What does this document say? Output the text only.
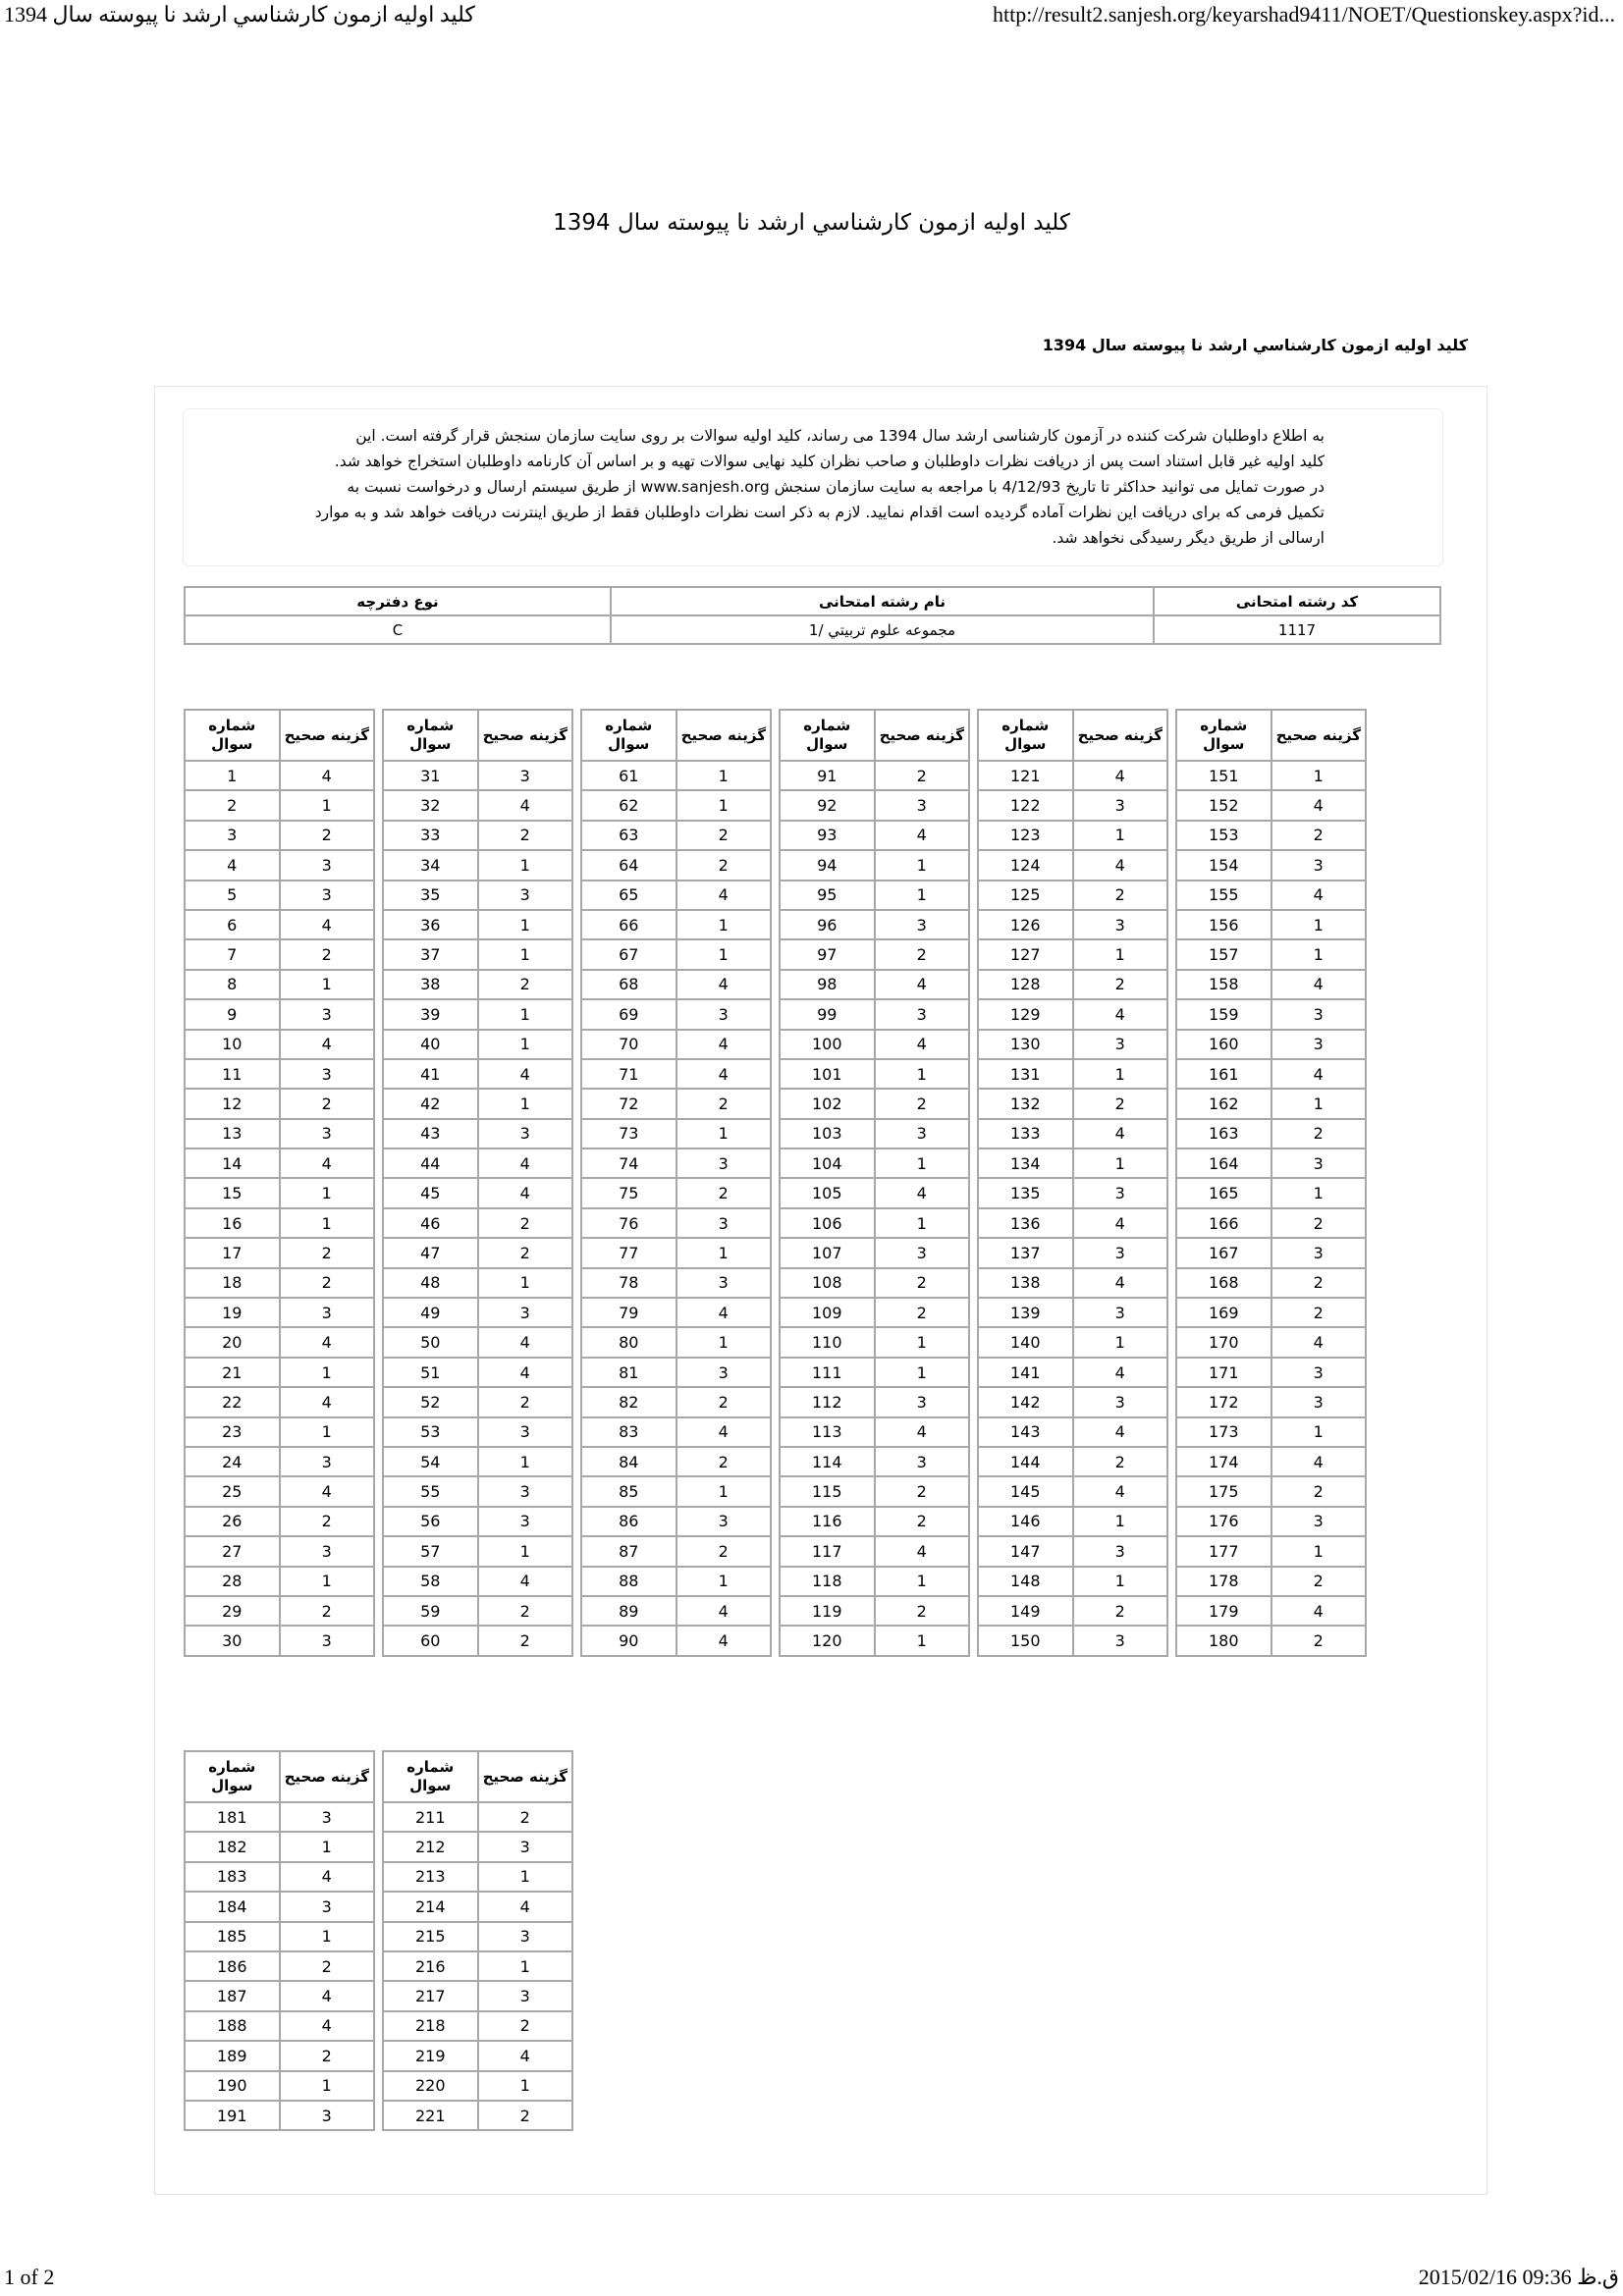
كليد اوليه ازمون كارشناسي ارشد نا پيوسته سال 1394	http://result2.sanjesh.org/keyarshad9411/NOET/Questionskey.aspx?id...
كليد اوليه ازمون كارشناسي ارشد نا پيوسته سال 1394
كليد اوليه ازمون كارشناسي ارشد نا پيوسته سال 1394

به اطلاع داوطلبان شرکت کننده در آزمون کارشناسی ارشد سال 1394 می رساند، کلید اولیه سوالات بر روی سایت سازمان سنجش قرار گرفته است. این

کلید اولیه غیر قابل استناد است پس از دریافت نظرات داوطلبان و صاحب نظران کلید نهایی سوالات تهیه و بر اساس آن کارنامه داوطلبان استخراج خواهد شد.

در صورت تمایل می توانید حداکثر تا تاریخ 4/12/93 با مراجعه به سایت سازمان سنجش www.sanjesh.org از طریق سیستم ارسال و درخواست نسبت به

تکمیل فرمی که برای دریافت این نظرات آماده گردیده است اقدام نمایید. لازم به ذکر است نظرات داوطلبان فقط از طریق اینترنت دریافت خواهد شد و به موارد

ارسالی از طریق دیگر رسیدگی نخواهد شد.

کد رشته امتحانی	نام رشته امتحانی	نوع دفترچه
1117	مجموعه علوم تربيتي /1	C
شماره سوال	گزینه صحیح
1	4
2	1
3	2
4	3
5	3
6	4
7	2
8	1
9	3
10	4
11	3
12	2
13	3
14	4
15	1
16	1
17	2
18	2
19	3
20	4
21	1
22	4
23	1
24	3
25	4
26	2
27	3
28	1
29	2
30	3
شماره سوال	گزینه صحیح
31	3
32	4
33	2
34	1
35	3
36	1
37	1
38	2
39	1
40	1
41	4
42	1
43	3
44	4
45	4
46	2
47	2
48	1
49	3
50	4
51	4
52	2
53	3
54	1
55	3
56	3
57	1
58	4
59	2
60	2
شماره سوال	گزینه صحیح
61	1
62	1
63	2
64	2
65	4
66	1
67	1
68	4
69	3
70	4
71	4
72	2
73	1
74	3
75	2
76	3
77	1
78	3
79	4
80	1
81	3
82	2
83	4
84	2
85	1
86	3
87	2
88	1
89	4
90	4
شماره سوال	گزینه صحیح
91	2
92	3
93	4
94	1
95	1
96	3
97	2
98	4
99	3
100	4
101	1
102	2
103	3
104	1
105	4
106	1
107	3
108	2
109	2
110	1
111	1
112	3
113	4
114	3
115	2
116	2
117	4
118	1
119	2
120	1
شماره سوال	گزینه صحیح
121	4
122	3
123	1
124	4
125	2
126	3
127	1
128	2
129	4
130	3
131	1
132	2
133	4
134	1
135	3
136	4
137	3
138	4
139	3
140	1
141	4
142	3
143	4
144	2
145	4
146	1
147	3
148	1
149	2
150	3
شماره سوال	گزینه صحیح
151	1
152	4
153	2
154	3
155	4
156	1
157	1
158	4
159	3
160	3
161	4
162	1
163	2
164	3
165	1
166	2
167	3
168	2
169	2
170	4
171	3
172	3
173	1
174	4
175	2
176	3
177	1
178	2
179	4
180	2
شماره سوال	گزینه صحیح
181	3
182	1
183	4
184	3
185	1
186	2
187	4
188	4
189	2
190	1
191	3
شماره سوال	گزینه صحیح
211	2
212	3
213	1
214	4
215	3
216	1
217	3
218	2
219	4
220	1
221	2
1 of 2	2015/02/16 09:36 ق.ظ
